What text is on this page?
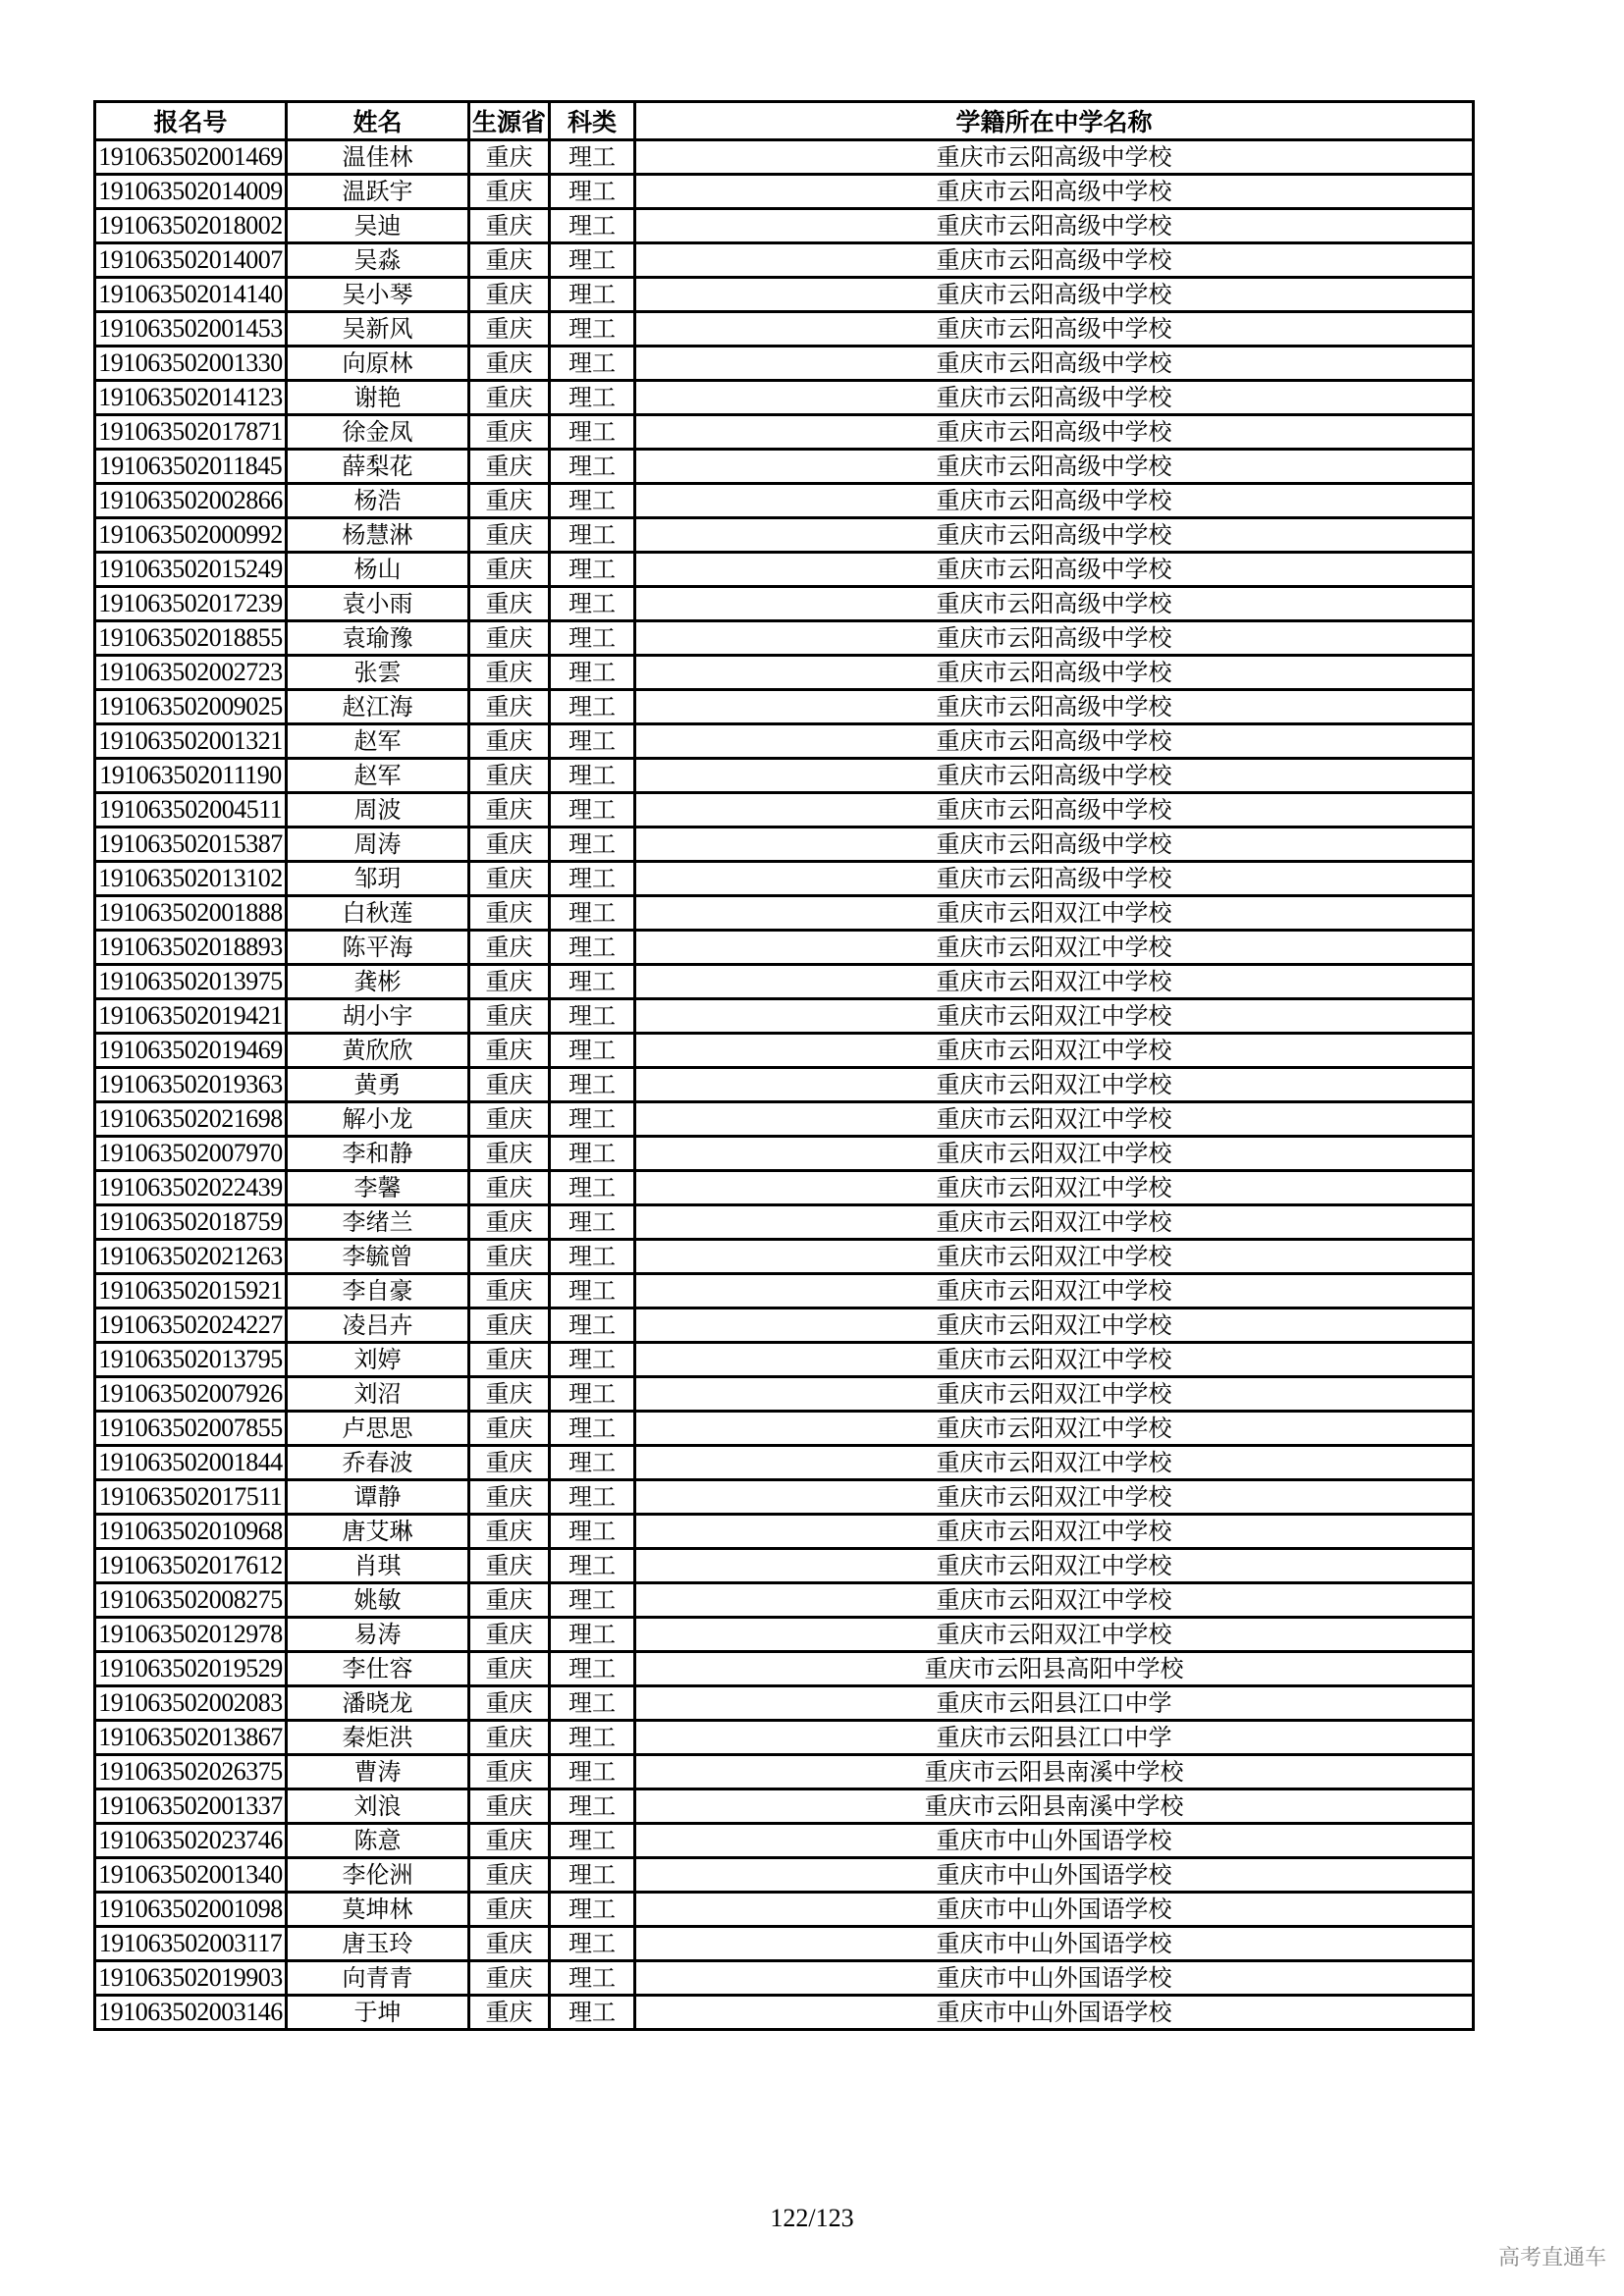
报名号	姓名	生源省	科类	学籍所在中学名称
191063502001469	温佳林	重庆	理工	重庆市云阳高级中学校
191063502014009	温跃宇	重庆	理工	重庆市云阳高级中学校
191063502018002	吴迪	重庆	理工	重庆市云阳高级中学校
191063502014007	吴淼	重庆	理工	重庆市云阳高级中学校
191063502014140	吴小琴	重庆	理工	重庆市云阳高级中学校
191063502001453	吴新风	重庆	理工	重庆市云阳高级中学校
191063502001330	向原林	重庆	理工	重庆市云阳高级中学校
191063502014123	谢艳	重庆	理工	重庆市云阳高级中学校
191063502017871	徐金凤	重庆	理工	重庆市云阳高级中学校
191063502011845	薛梨花	重庆	理工	重庆市云阳高级中学校
191063502002866	杨浩	重庆	理工	重庆市云阳高级中学校
191063502000992	杨慧淋	重庆	理工	重庆市云阳高级中学校
191063502015249	杨山	重庆	理工	重庆市云阳高级中学校
191063502017239	袁小雨	重庆	理工	重庆市云阳高级中学校
191063502018855	袁瑜豫	重庆	理工	重庆市云阳高级中学校
191063502002723	张雲	重庆	理工	重庆市云阳高级中学校
191063502009025	赵江海	重庆	理工	重庆市云阳高级中学校
191063502001321	赵军	重庆	理工	重庆市云阳高级中学校
191063502011190	赵军	重庆	理工	重庆市云阳高级中学校
191063502004511	周波	重庆	理工	重庆市云阳高级中学校
191063502015387	周涛	重庆	理工	重庆市云阳高级中学校
191063502013102	邹玥	重庆	理工	重庆市云阳高级中学校
191063502001888	白秋莲	重庆	理工	重庆市云阳双江中学校
191063502018893	陈平海	重庆	理工	重庆市云阳双江中学校
191063502013975	龚彬	重庆	理工	重庆市云阳双江中学校
191063502019421	胡小宇	重庆	理工	重庆市云阳双江中学校
191063502019469	黄欣欣	重庆	理工	重庆市云阳双江中学校
191063502019363	黄勇	重庆	理工	重庆市云阳双江中学校
191063502021698	解小龙	重庆	理工	重庆市云阳双江中学校
191063502007970	李和静	重庆	理工	重庆市云阳双江中学校
191063502022439	李馨	重庆	理工	重庆市云阳双江中学校
191063502018759	李绪兰	重庆	理工	重庆市云阳双江中学校
191063502021263	李毓曾	重庆	理工	重庆市云阳双江中学校
191063502015921	李自豪	重庆	理工	重庆市云阳双江中学校
191063502024227	凌吕卉	重庆	理工	重庆市云阳双江中学校
191063502013795	刘婷	重庆	理工	重庆市云阳双江中学校
191063502007926	刘沼	重庆	理工	重庆市云阳双江中学校
191063502007855	卢思思	重庆	理工	重庆市云阳双江中学校
191063502001844	乔春波	重庆	理工	重庆市云阳双江中学校
191063502017511	谭静	重庆	理工	重庆市云阳双江中学校
191063502010968	唐艾琳	重庆	理工	重庆市云阳双江中学校
191063502017612	肖琪	重庆	理工	重庆市云阳双江中学校
191063502008275	姚敏	重庆	理工	重庆市云阳双江中学校
191063502012978	易涛	重庆	理工	重庆市云阳双江中学校
191063502019529	李仕容	重庆	理工	重庆市云阳县高阳中学校
191063502002083	潘晓龙	重庆	理工	重庆市云阳县江口中学
191063502013867	秦炬洪	重庆	理工	重庆市云阳县江口中学
191063502026375	曹涛	重庆	理工	重庆市云阳县南溪中学校
191063502001337	刘浪	重庆	理工	重庆市云阳县南溪中学校
191063502023746	陈意	重庆	理工	重庆市中山外国语学校
191063502001340	李伦洲	重庆	理工	重庆市中山外国语学校
191063502001098	莫坤林	重庆	理工	重庆市中山外国语学校
191063502003117	唐玉玲	重庆	理工	重庆市中山外国语学校
191063502019903	向青青	重庆	理工	重庆市中山外国语学校
191063502003146	于坤	重庆	理工	重庆市中山外国语学校
122/123
高考直通车
